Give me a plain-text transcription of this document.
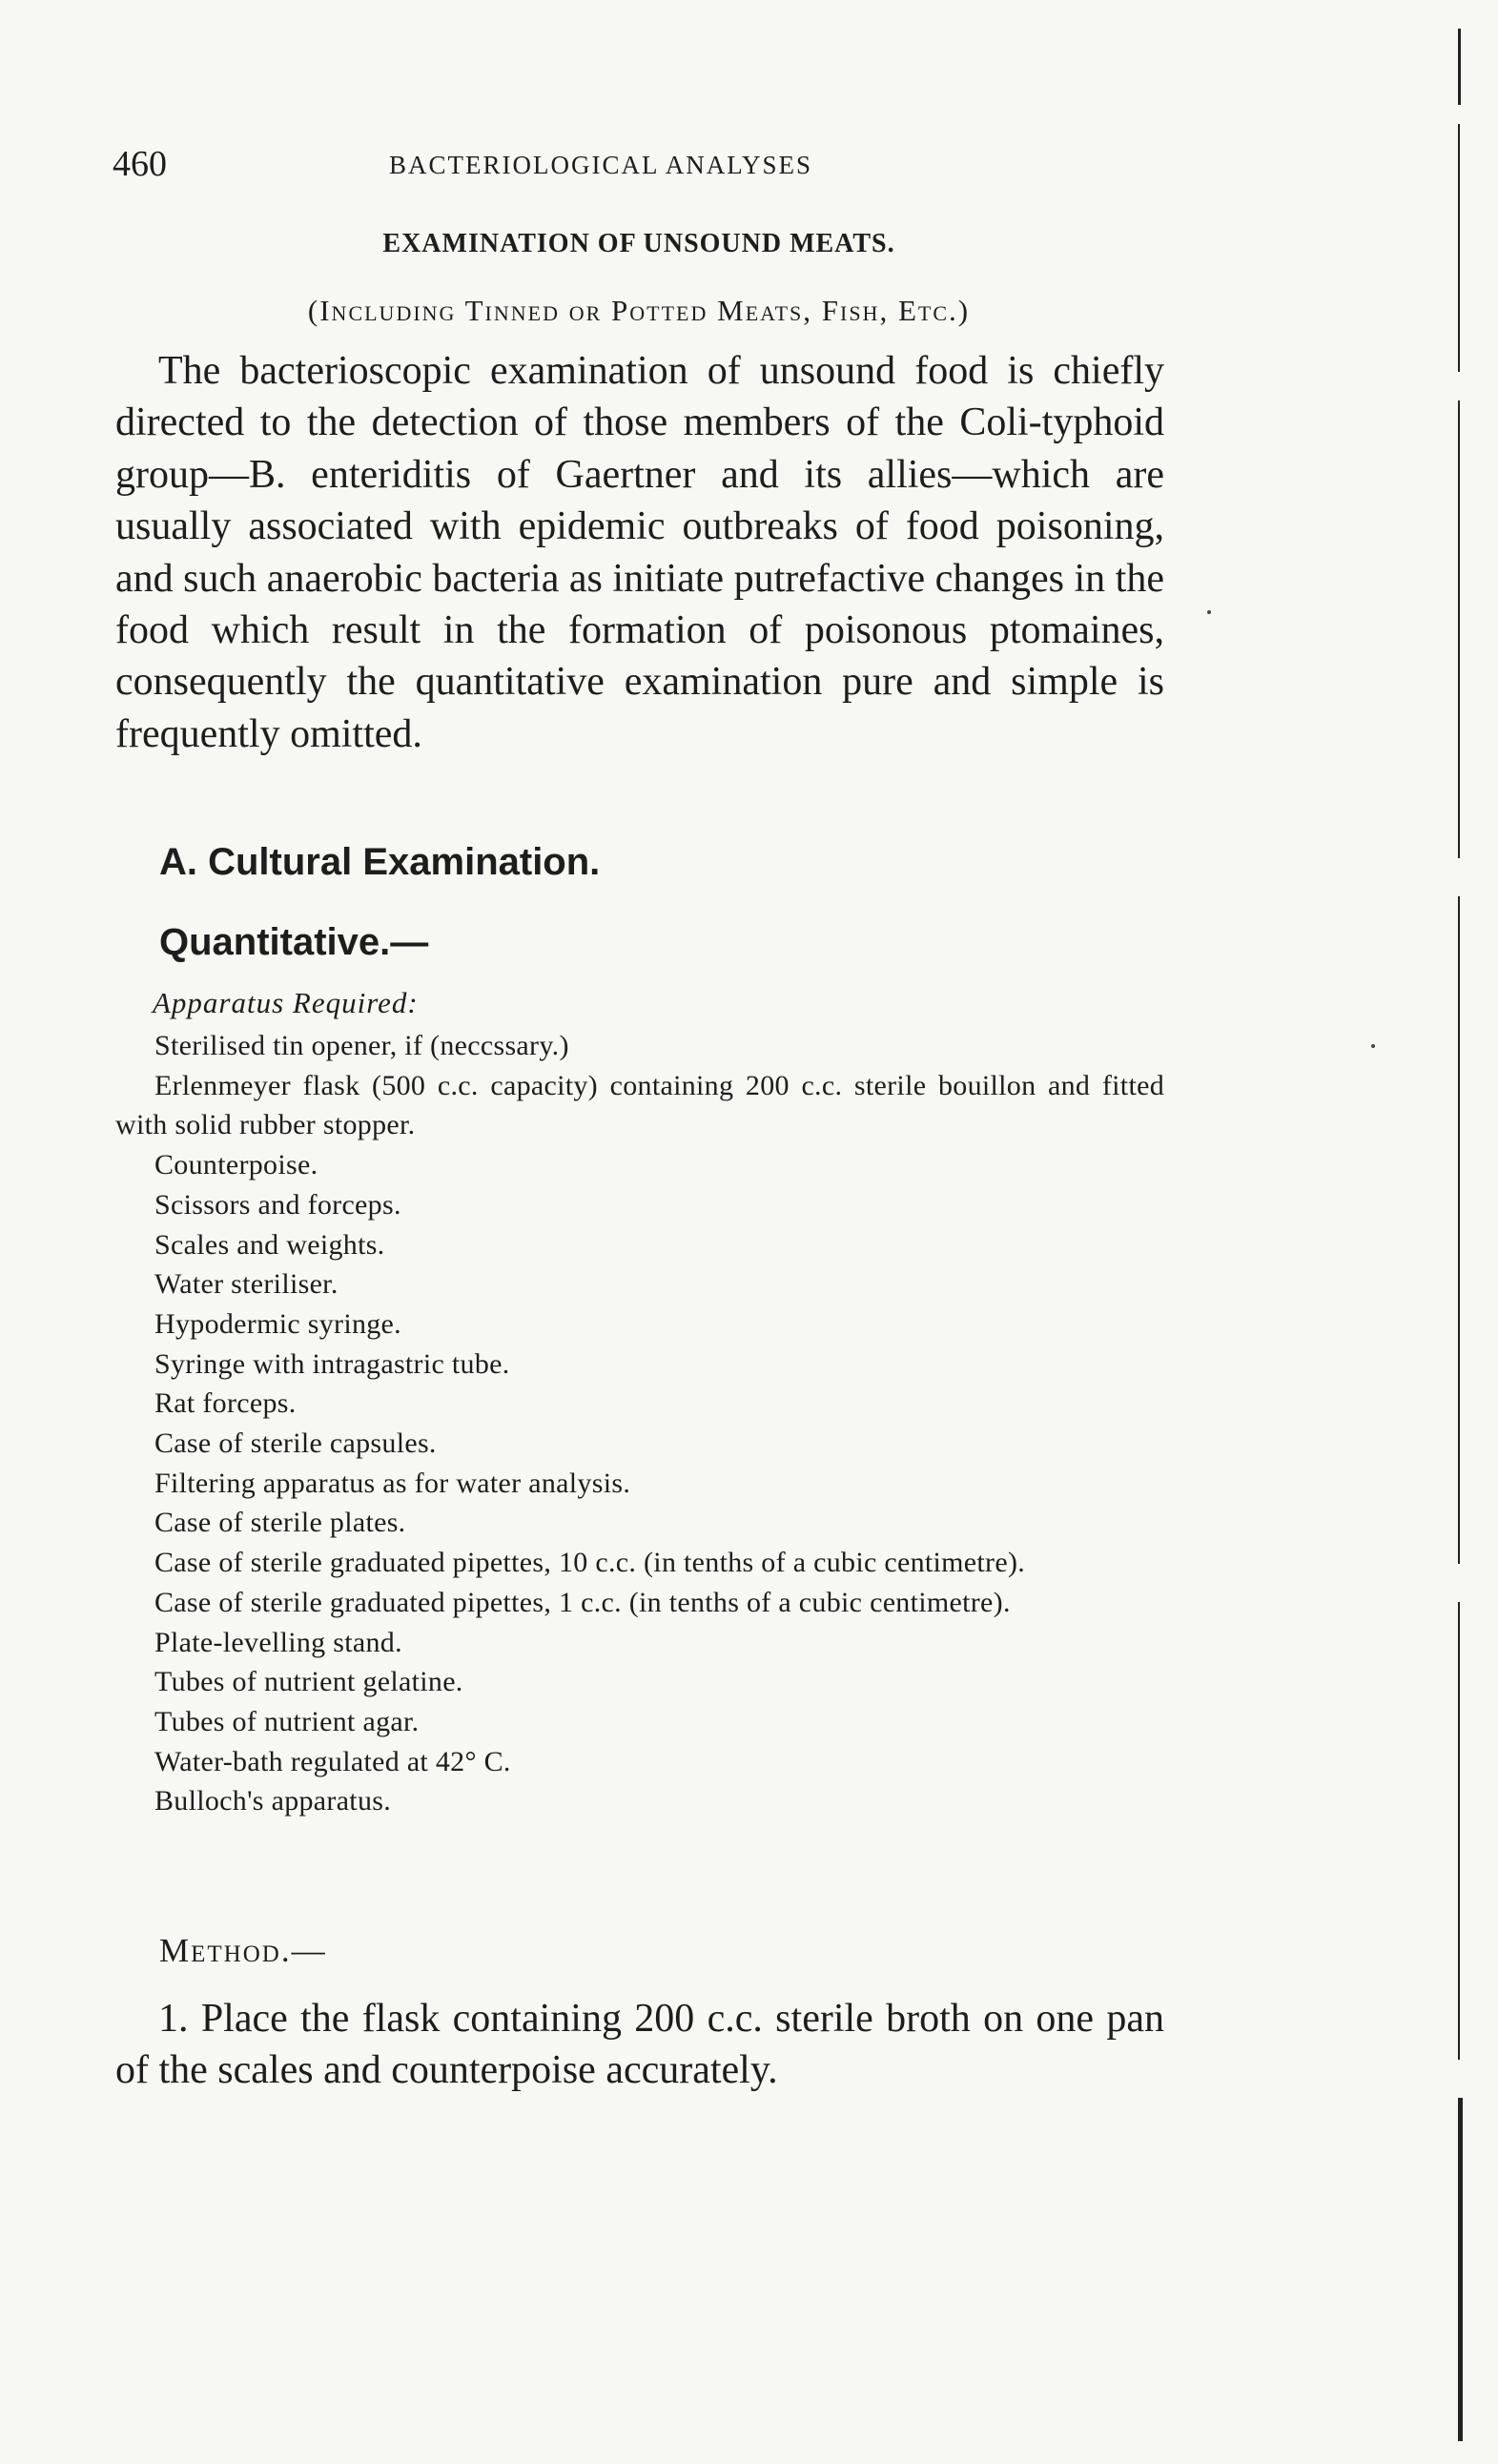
460	BACTERIOLOGICAL ANALYSES
EXAMINATION OF UNSOUND MEATS.
(Including Tinned or Potted Meats, Fish, Etc.)

The bacterioscopic examination of unsound food is chiefly directed to the detection of those members of the Coli-typhoid group—B. enteriditis of Gaertner and its allies—which are usually associated with epidemic outbreaks of food poisoning, and such anaerobic bacteria as initiate putrefactive changes in the food which result in the formation of poisonous ptomaines, consequently the quantitative examination pure and simple is frequently omitted.

A. Cultural Examination.
Quantitative.—
Apparatus Required:
Sterilised tin opener, if (neccssary.)
Erlenmeyer flask (500 c.c. capacity) containing 200 c.c. sterile bouillon and fitted with solid rubber stopper.
Counterpoise.
Scissors and forceps.
Scales and weights.
Water steriliser.
Hypodermic syringe.
Syringe with intragastric tube.
Rat forceps.
Case of sterile capsules.
Filtering apparatus as for water analysis.
Case of sterile plates.
Case of sterile graduated pipettes, 10 c.c. (in tenths of a cubic centimetre).
Case of sterile graduated pipettes, 1 c.c. (in tenths of a cubic centimetre).
Plate-levelling stand.
Tubes of nutrient gelatine.
Tubes of nutrient agar.
Water-bath regulated at 42° C.
Bulloch's apparatus.
Method.—

1. Place the flask containing 200 c.c. sterile broth on one pan of the scales and counterpoise accurately.
